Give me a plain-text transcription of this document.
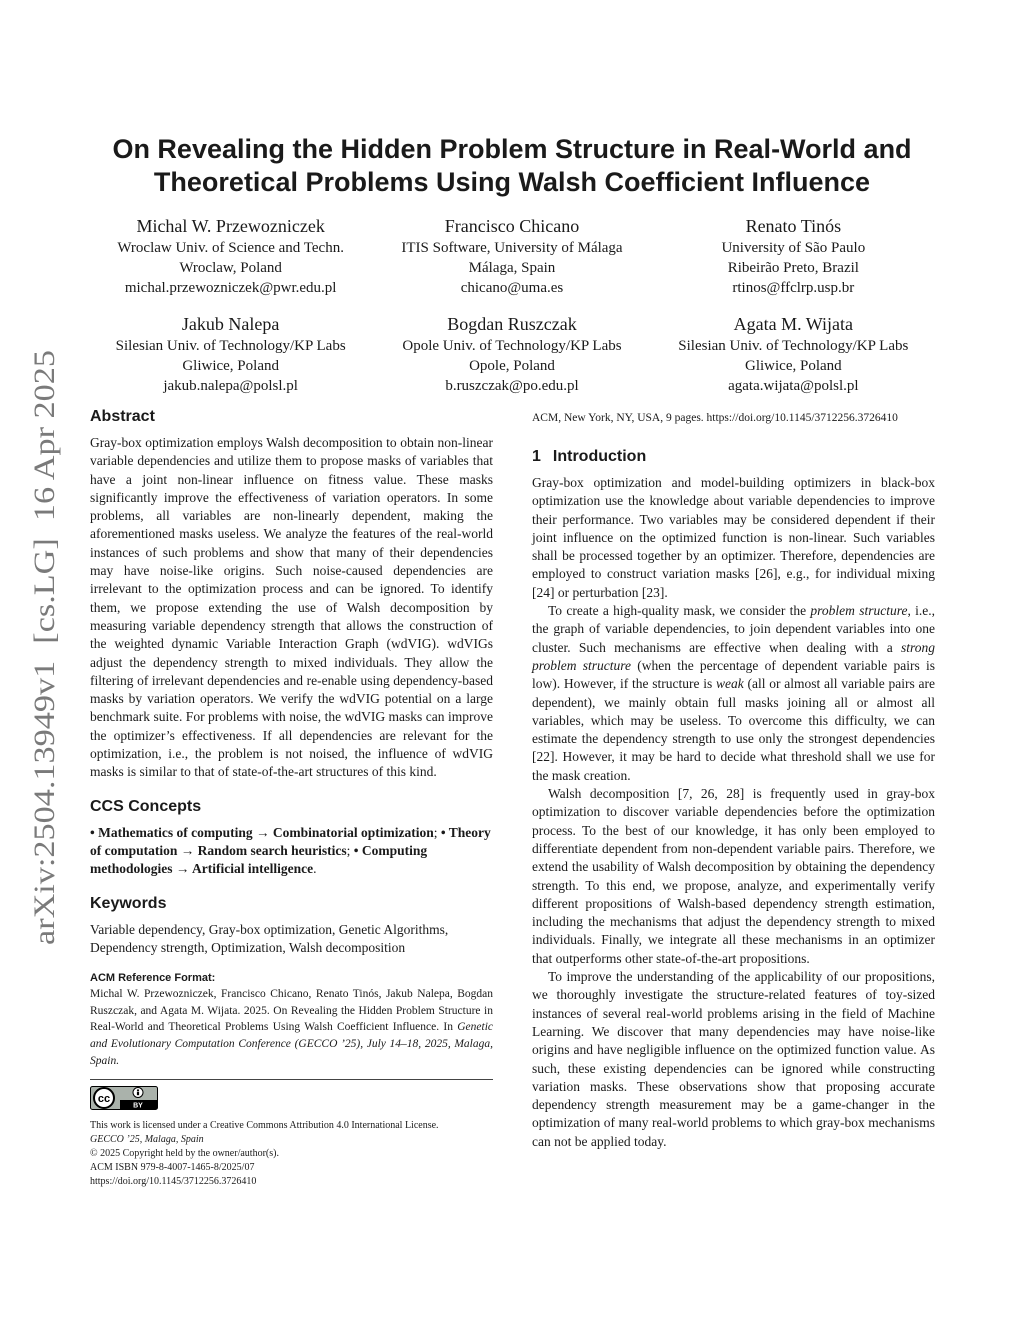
arXiv:2504.13949v1  [cs.LG]  16 Apr 2025
On Revealing the Hidden Problem Structure in Real-World and Theoretical Problems Using Walsh Coefficient Influence
Michal W. Przewozniczek
Wroclaw Univ. of Science and Techn.
Wroclaw, Poland
michal.przewozniczek@pwr.edu.pl
Francisco Chicano
ITIS Software, University of Málaga
Málaga, Spain
chicano@uma.es
Renato Tinós
University of São Paulo
Ribeirão Preto, Brazil
rtinos@ffclrp.usp.br
Jakub Nalepa
Silesian Univ. of Technology/KP Labs
Gliwice, Poland
jakub.nalepa@polsl.pl
Bogdan Ruszczak
Opole Univ. of Technology/KP Labs
Opole, Poland
b.ruszczak@po.edu.pl
Agata M. Wijata
Silesian Univ. of Technology/KP Labs
Gliwice, Poland
agata.wijata@polsl.pl
Abstract

Gray-box optimization employs Walsh decomposition to obtain non-linear variable dependencies and utilize them to propose masks of variables that have a joint non-linear influence on fitness value. These masks significantly improve the effectiveness of variation operators. In some problems, all variables are non-linearly dependent, making the aforementioned masks useless. We analyze the features of the real-world instances of such problems and show that many of their dependencies may have noise-like origins. Such noise-caused dependencies are irrelevant to the optimization process and can be ignored. To identify them, we propose extending the use of Walsh decomposition by measuring variable dependency strength that allows the construction of the weighted dynamic Variable Interaction Graph (wdVIG). wdVIGs adjust the dependency strength to mixed individuals. They allow the filtering of irrelevant dependencies and re-enable using dependency-based masks by variation operators. We verify the wdVIG potential on a large benchmark suite. For problems with noise, the wdVIG masks can improve the optimizer’s effectiveness. If all dependencies are relevant for the optimization, i.e., the problem is not noised, the influence of wdVIG masks is similar to that of state-of-the-art structures of this kind.

CCS Concepts

• Mathematics of computing → Combinatorial optimization; • Theory of computation → Random search heuristics; • Computing methodologies → Artificial intelligence.

Keywords

Variable dependency, Gray-box optimization, Genetic Algorithms, Dependency strength, Optimization, Walsh decomposition

ACM Reference Format:

Michal W. Przewozniczek, Francisco Chicano, Renato Tinós, Jakub Nalepa, Bogdan Ruszczak, and Agata M. Wijata. 2025. On Revealing the Hidden Problem Structure in Real-World and Theoretical Problems Using Walsh Coefficient Influence. In Genetic and Evolutionary Computation Conference (GECCO ’25), July 14–18, 2025, Malaga, Spain.

cc
BY
This work is licensed under a Creative Commons Attribution 4.0 International License.
GECCO ’25, Malaga, Spain
© 2025 Copyright held by the owner/author(s).
ACM ISBN 979-8-4007-1465-8/2025/07
https://doi.org/10.1145/3712256.3726410

ACM, New York, NY, USA, 9 pages. https://doi.org/10.1145/3712256.3726410

1 Introduction

Gray-box optimization and model-building optimizers in black-box optimization use the knowledge about variable dependencies to improve their performance. Two variables may be considered dependent if their joint influence on the optimized function is non-linear. Such variables shall be processed together by an optimizer. Therefore, dependencies are employed to construct variation masks [26], e.g., for individual mixing [24] or perturbation [23].

To create a high-quality mask, we consider the problem structure, i.e., the graph of variable dependencies, to join dependent variables into one cluster. Such mechanisms are effective when dealing with a strong problem structure (when the percentage of dependent variable pairs is low). However, if the structure is weak (all or almost all variable pairs are dependent), we mainly obtain full masks joining all or almost all variables, which may be useless. To overcome this difficulty, we can estimate the dependency strength to use only the strongest dependencies [22]. However, it may be hard to decide what threshold shall we use for the mask creation.

Walsh decomposition [7, 26, 28] is frequently used in gray-box optimization to discover variable dependencies before the optimization process. To the best of our knowledge, it has only been employed to differentiate dependent from non-dependent variable pairs. Therefore, we extend the usability of Walsh decomposition by obtaining the dependency strength. To this end, we propose, analyze, and experimentally verify different propositions of Walsh-based dependency strength estimation, including the mechanisms that adjust the dependency strength to mixed individuals. Finally, we integrate all these mechanisms in an optimizer that outperforms other state-of-the-art propositions.

To improve the understanding of the applicability of our propositions, we thoroughly investigate the structure-related features of toy-sized instances of several real-world problems arising in the field of Machine Learning. We discover that many dependencies may have noise-like origins and have negligible influence on the optimized function value. As such, these existing dependencies can be ignored while constructing variation masks. These observations show that proposing accurate dependency strength measurement may be a game-changer in the optimization of many real-world problems to which gray-box mechanisms can not be applied today.
